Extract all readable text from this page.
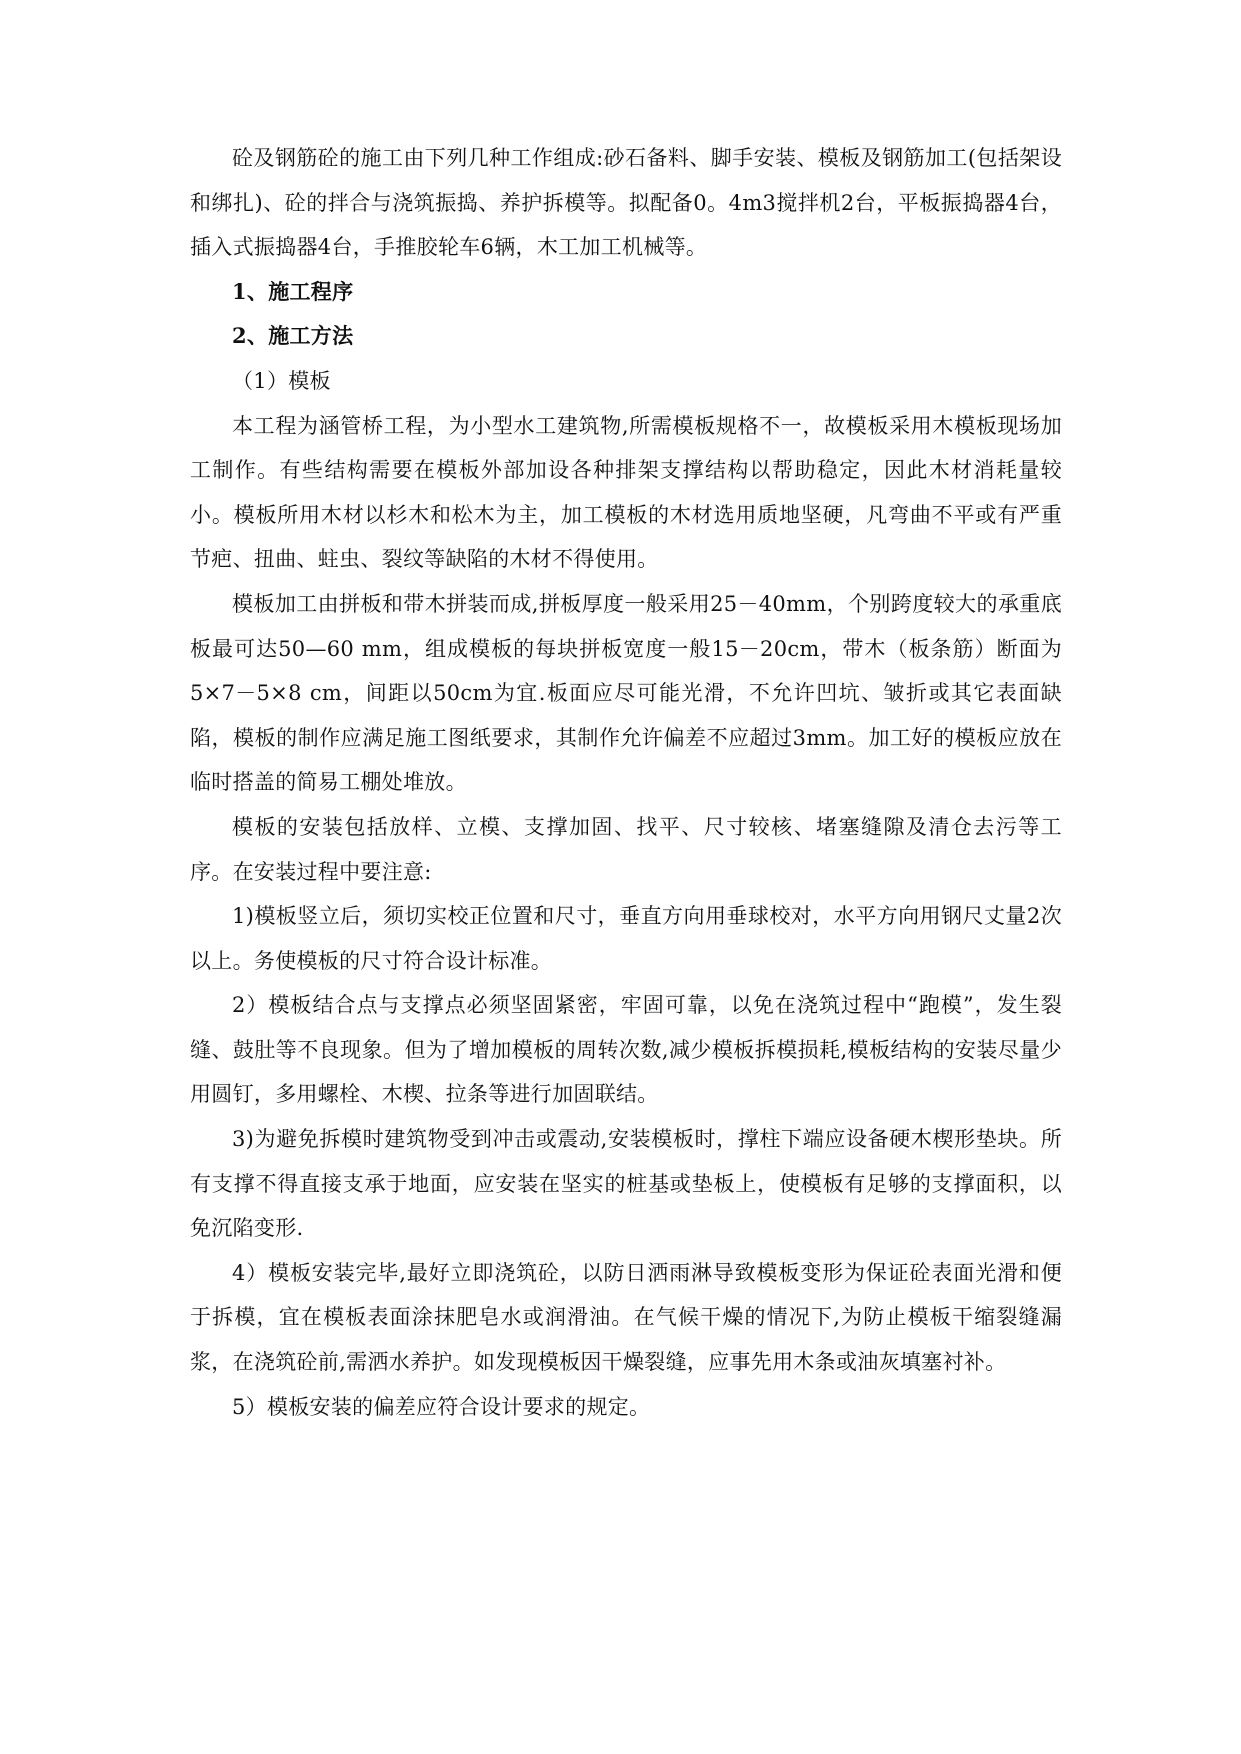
砼及钢筋砼的施工由下列几种工作组成:砂石备料、脚手安装、模板及钢筋加工(包括架设和绑扎)、砼的拌合与浇筑振捣、养护拆模等。拟配备0。4m3搅拌机2台，平板振捣器4台，插入式振捣器4台，手推胶轮车6辆，木工加工机械等。

1、施工程序

2、施工方法

（1）模板

本工程为涵管桥工程，为小型水工建筑物,所需模板规格不一，故模板采用木模板现场加工制作。有些结构需要在模板外部加设各种排架支撑结构以帮助稳定，因此木材消耗量较小。模板所用木材以杉木和松木为主，加工模板的木材选用质地坚硬，凡弯曲不平或有严重节疤、扭曲、蛀虫、裂纹等缺陷的木材不得使用。

模板加工由拼板和带木拼装而成,拼板厚度一般采用25－40mm，个别跨度较大的承重底板最可达50—60 mm，组成模板的每块拼板宽度一般15－20cm，带木（板条筋）断面为5×7－5×8 cm，间距以50cm为宜.板面应尽可能光滑，不允许凹坑、皱折或其它表面缺陷，模板的制作应满足施工图纸要求，其制作允许偏差不应超过3mm。加工好的模板应放在临时搭盖的简易工棚处堆放。

模板的安装包括放样、立模、支撑加固、找平、尺寸较核、堵塞缝隙及清仓去污等工序。在安装过程中要注意:

1)模板竖立后，须切实校正位置和尺寸，垂直方向用垂球校对，水平方向用钢尺丈量2次以上。务使模板的尺寸符合设计标准。

2）模板结合点与支撑点必须坚固紧密，牢固可靠，以免在浇筑过程中“跑模”，发生裂缝、鼓肚等不良现象。但为了增加模板的周转次数,减少模板拆模损耗,模板结构的安装尽量少用圆钉，多用螺栓、木楔、拉条等进行加固联结。

3)为避免拆模时建筑物受到冲击或震动,安装模板时，撑柱下端应设备硬木楔形垫块。所有支撑不得直接支承于地面，应安装在坚实的桩基或垫板上，使模板有足够的支撑面积，以免沉陷变形.

4）模板安装完毕,最好立即浇筑砼，以防日洒雨淋导致模板变形为保证砼表面光滑和便于拆模，宜在模板表面涂抹肥皂水或润滑油。在气候干燥的情况下,为防止模板干缩裂缝漏浆，在浇筑砼前,需洒水养护。如发现模板因干燥裂缝，应事先用木条或油灰填塞衬补。

5）模板安装的偏差应符合设计要求的规定。
